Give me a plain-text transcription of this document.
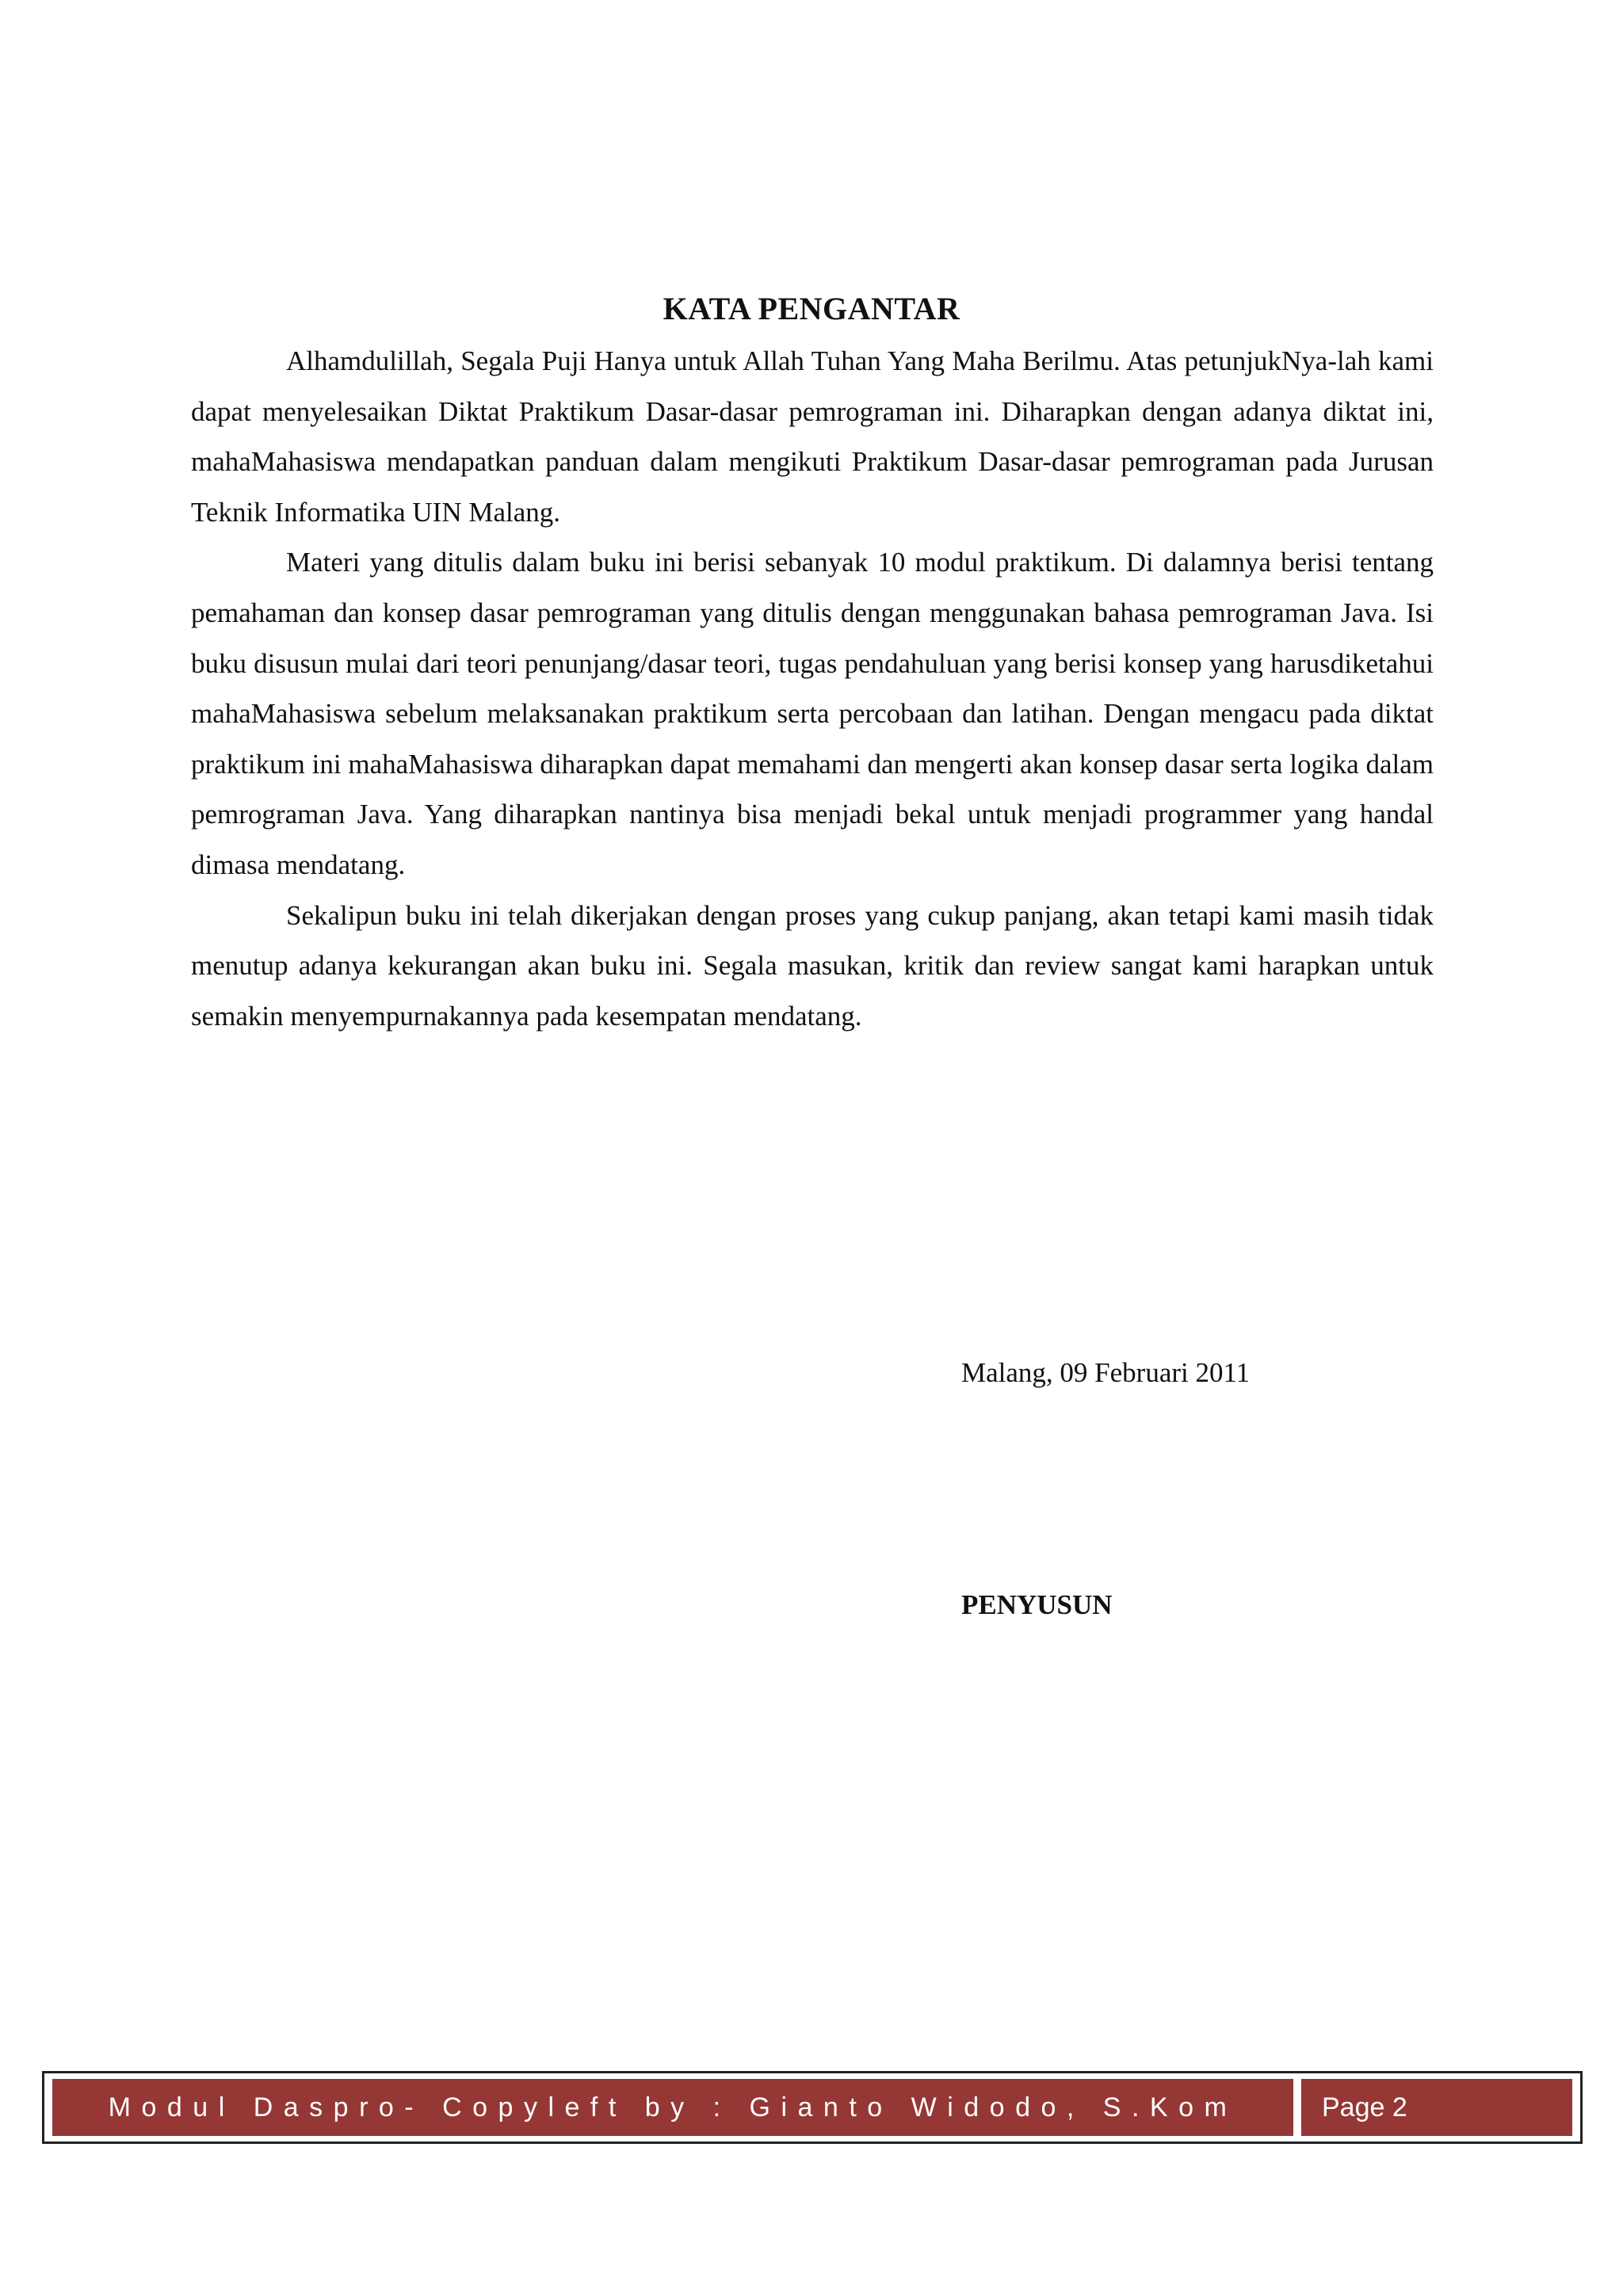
KATA PENGANTAR

Alhamdulillah, Segala Puji Hanya untuk Allah Tuhan Yang Maha Berilmu. Atas petunjukNya-lah kami dapat menyelesaikan Diktat Praktikum Dasar-dasar pemrograman ini. Diharapkan dengan adanya diktat ini, mahaMahasiswa mendapatkan panduan dalam mengikuti Praktikum Dasar-dasar pemrograman pada Jurusan Teknik Informatika UIN Malang.

Materi yang ditulis dalam buku ini berisi sebanyak 10 modul praktikum. Di dalamnya berisi tentang pemahaman dan konsep dasar pemrograman yang ditulis dengan menggunakan bahasa pemrograman Java. Isi buku disusun mulai dari teori penunjang/dasar teori, tugas pendahuluan yang berisi konsep yang harusdiketahui mahaMahasiswa sebelum melaksanakan praktikum serta percobaan dan latihan. Dengan mengacu pada diktat praktikum ini mahaMahasiswa diharapkan dapat memahami dan mengerti akan konsep dasar serta logika dalam pemrograman Java. Yang diharapkan nantinya bisa menjadi bekal untuk menjadi programmer yang handal dimasa mendatang.

Sekalipun buku ini telah dikerjakan dengan proses yang cukup panjang, akan tetapi kami masih tidak menutup adanya kekurangan akan buku ini. Segala masukan, kritik dan review sangat kami harapkan untuk semakin menyempurnakannya pada kesempatan mendatang.

Malang, 09 Februari 2011
PENYUSUN
Modul Daspro- Copyleft by : Gianto Widodo, S.Kom	Page 2
